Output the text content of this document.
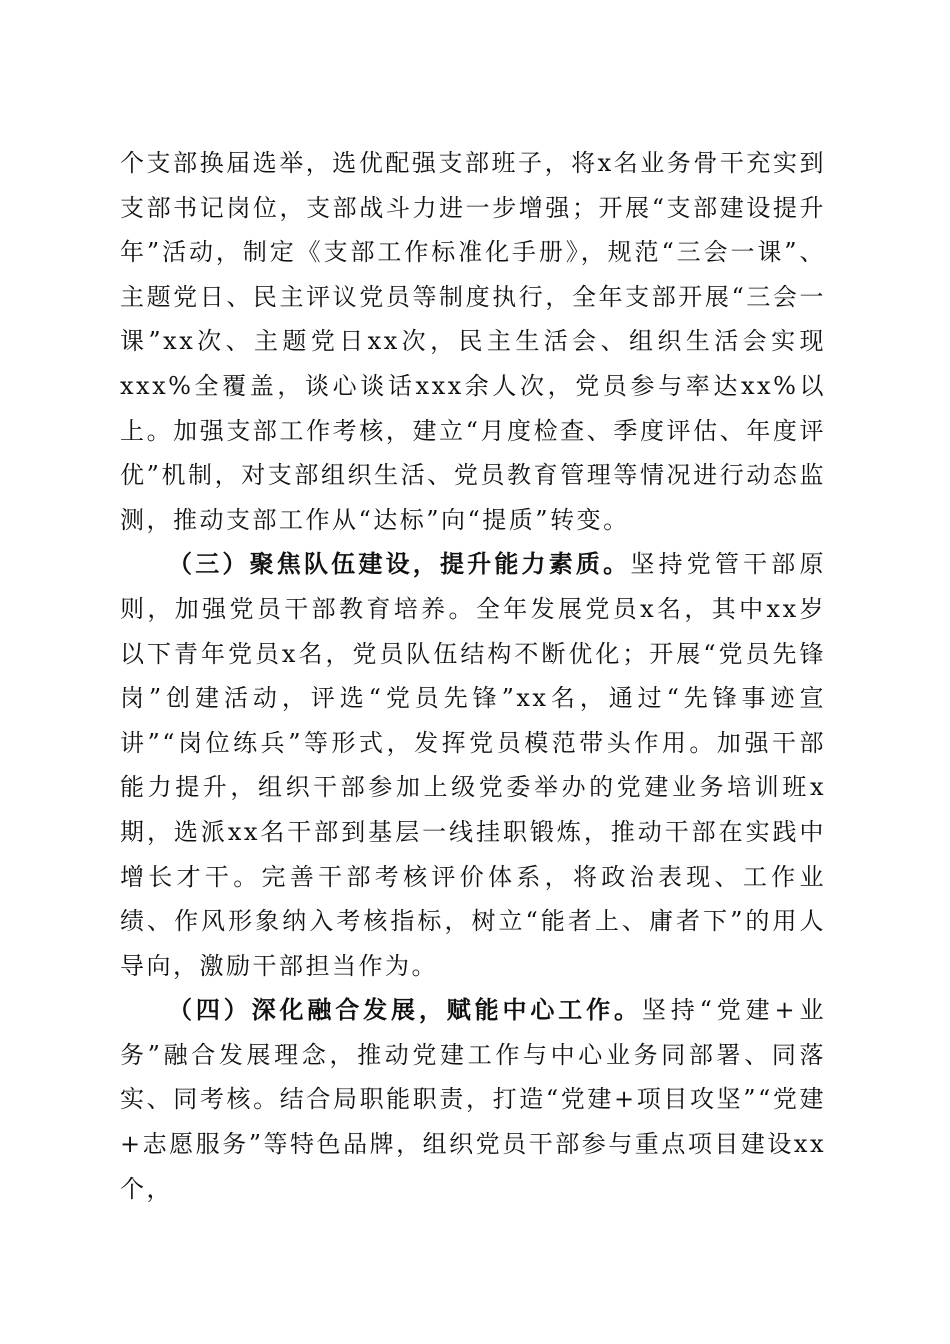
个支部换届选举，选优配强支部班子，将x名业务骨干充实到支部书记岗位，支部战斗力进一步增强；开展“支部建设提升年”活动，制定《支部工作标准化手册》，规范“三会一课”、主题党日、民主评议党员等制度执行，全年支部开展“三会一课”xx次、主题党日xx次，民主生活会、组织生活会实现xxx%全覆盖，谈心谈话xxx余人次，党员参与率达xx%以上。加强支部工作考核，建立“月度检查、季度评估、年度评优”机制，对支部组织生活、党员教育管理等情况进行动态监测，推动支部工作从“达标”向“提质”转变。

（三）聚焦队伍建设，提升能力素质。坚持党管干部原则，加强党员干部教育培养。全年发展党员x名，其中xx岁以下青年党员x名，党员队伍结构不断优化；开展“党员先锋岗”创建活动，评选“党员先锋”xx名，通过“先锋事迹宣讲”“岗位练兵”等形式，发挥党员模范带头作用。加强干部能力提升，组织干部参加上级党委举办的党建业务培训班x期，选派xx名干部到基层一线挂职锻炼，推动干部在实践中增长才干。完善干部考核评价体系，将政治表现、工作业绩、作风形象纳入考核指标，树立“能者上、庸者下”的用人导向，激励干部担当作为。

（四）深化融合发展，赋能中心工作。坚持“党建+业务”融合发展理念，推动党建工作与中心业务同部署、同落实、同考核。结合局职能职责，打造“党建+项目攻坚”“党建+志愿服务”等特色品牌，组织党员干部参与重点项目建设xx个，
